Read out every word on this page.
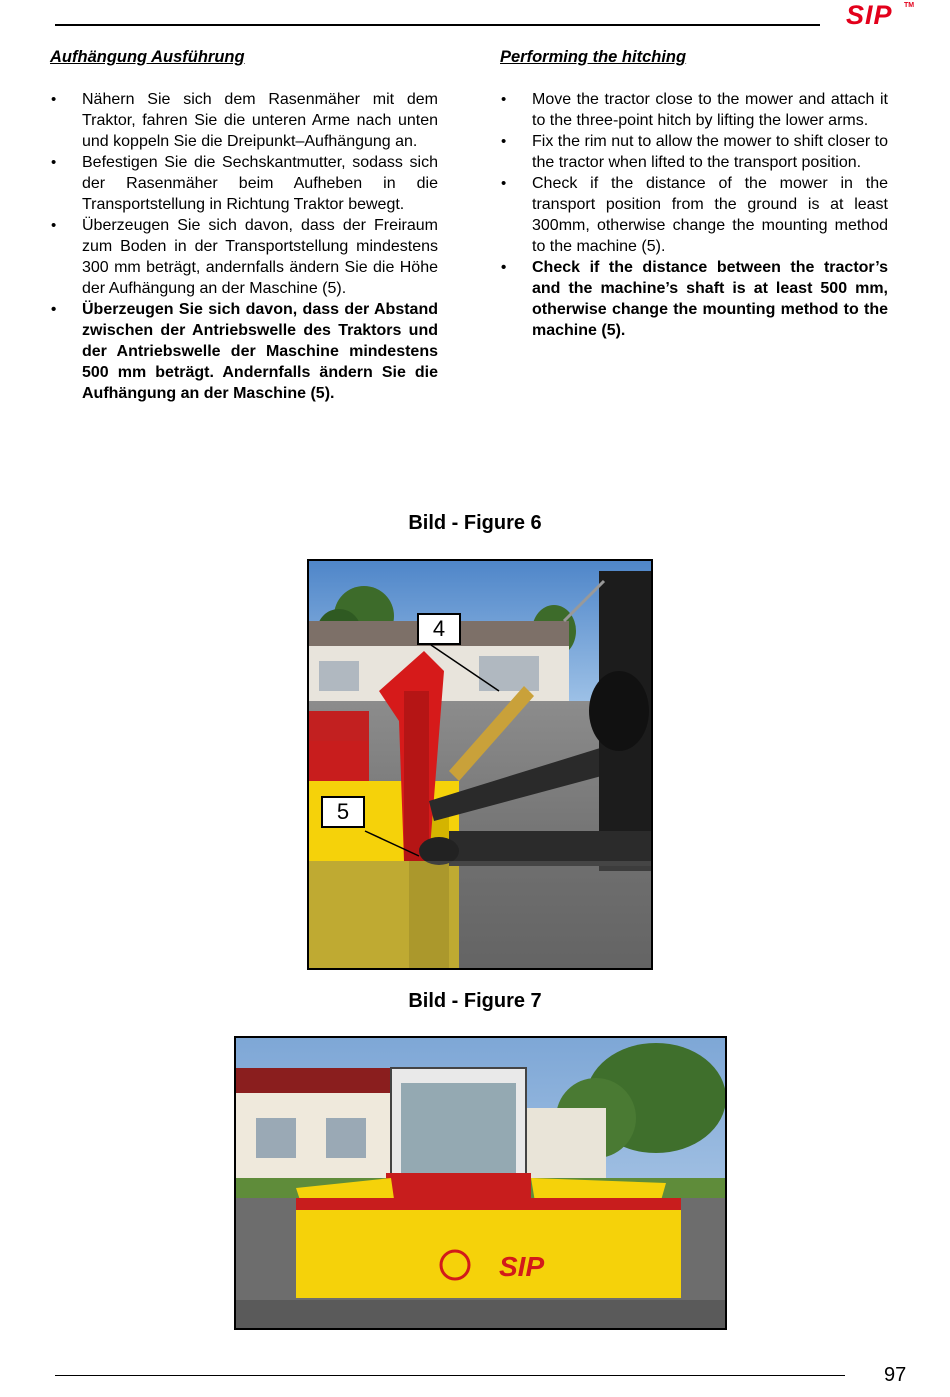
SIP TM
Aufhängung Ausführung
• Nähern Sie sich dem Rasenmäher mit dem Traktor, fahren Sie die unteren Arme nach unten und koppeln Sie die Dreipunkt–Aufhängung an.
• Befestigen Sie die Sechskantmutter, sodass sich der Rasenmäher beim Aufheben in die Transportstellung in Richtung Traktor bewegt.
• Überzeugen Sie sich davon, dass der Freiraum zum Boden in der Transportstellung mindestens 300 mm beträgt, andernfalls ändern Sie die Höhe der Aufhängung an der Maschine (5).
• Überzeugen Sie sich davon, dass der Abstand zwischen der Antriebswelle des Traktors und der Antriebswelle der Maschine mindestens 500 mm beträgt. Andernfalls ändern Sie die Aufhängung an der Maschine (5).
Performing the hitching
• Move the tractor close to the mower and attach it to the three-point hitch by lifting the lower arms.
• Fix the rim nut to allow the mower to shift closer to the tractor when lifted to the transport position.
• Check if the distance of the mower in the transport position from the ground is at least 300mm, otherwise change the mounting method to the machine (5).
• Check if the distance between the tractor’s and the machine’s shaft is at least 500 mm, otherwise change the mounting method to the machine (5).
Bild - Figure 6
4
5
Bild - Figure 7
SIP
97
